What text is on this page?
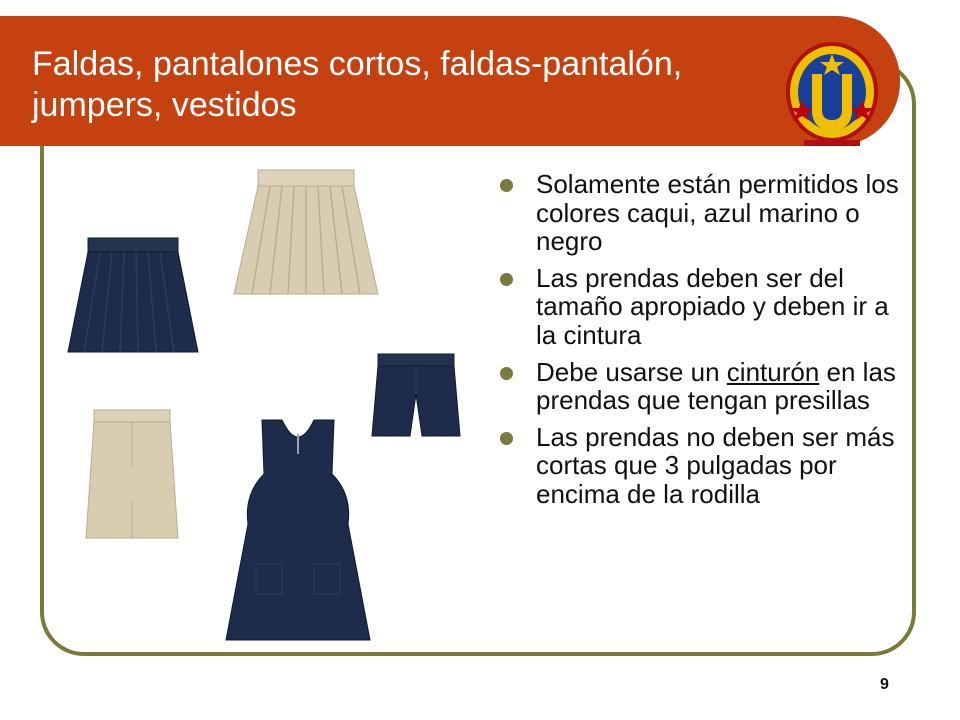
Faldas, pantalones cortos, faldas-pantalón, jumpers, vestidos
Solamente están permitidos los colores caqui, azul marino o negro
Las prendas deben ser del tamaño apropiado y deben ir a la cintura
Debe usarse un cinturón en las prendas que tengan presillas
Las prendas no deben ser más cortas que 3 pulgadas por encima de la rodilla
9
